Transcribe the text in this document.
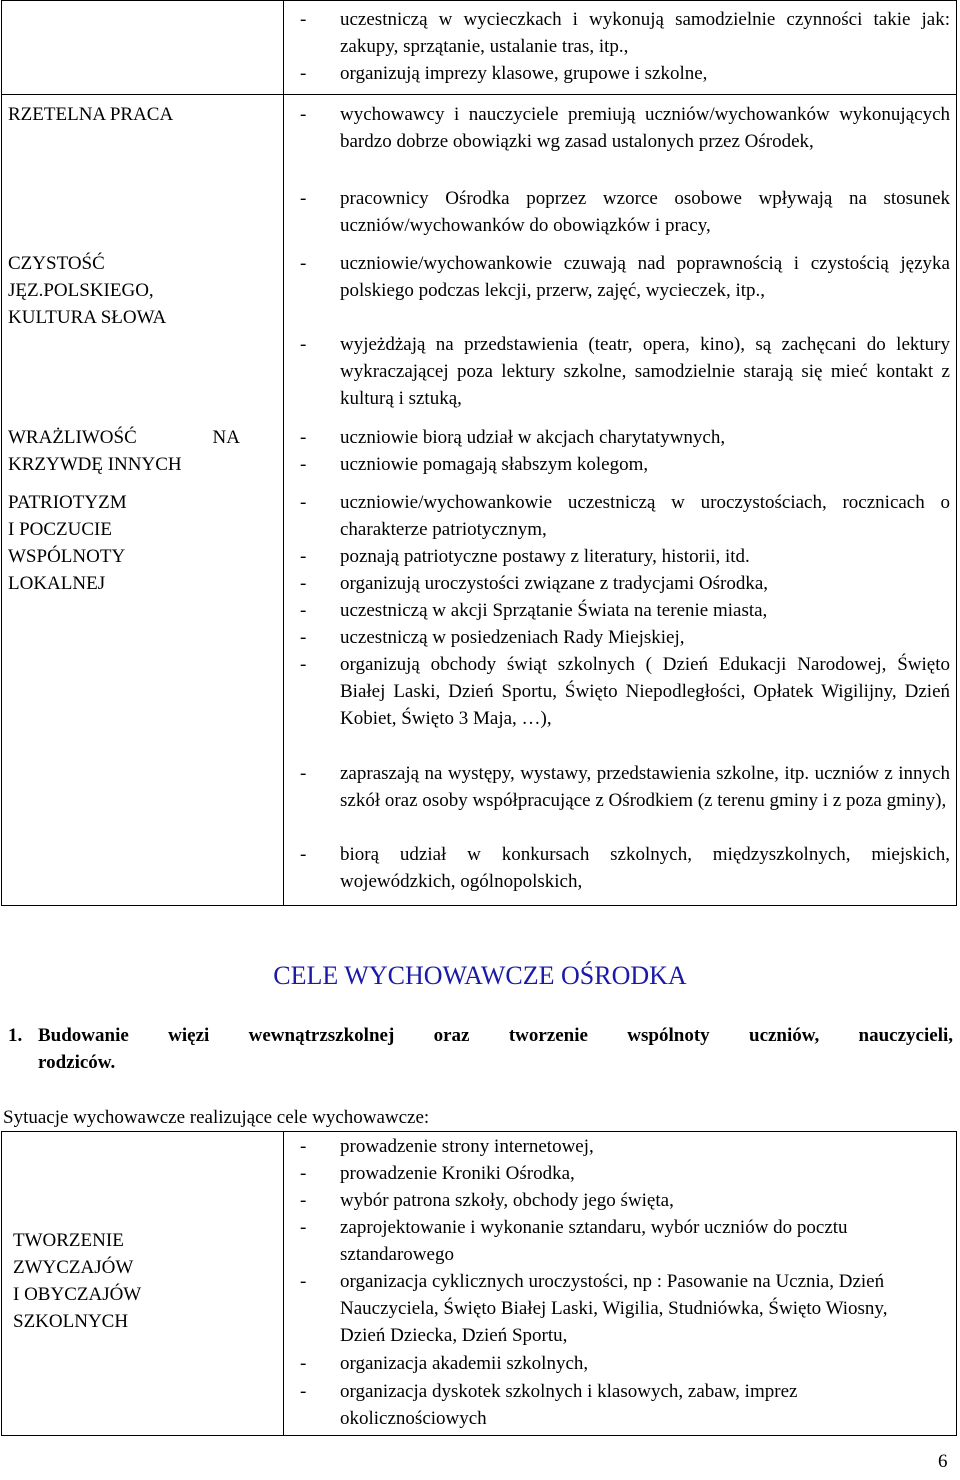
- uczestniczą w wycieczkach i wykonują samodzielnie czynności takie jak: zakupy, sprzątanie, ustalanie tras, itp.,
- organizują imprezy klasowe, grupowe i szkolne,
RZETELNA PRACA	- wychowawcy i nauczyciele premiują uczniów/wychowanków wykonujących bardzo dobrze obowiązki wg zasad ustalonych przez Ośrodek,
- pracownicy Ośrodka poprzez wzorce osobowe wpływają na stosunek uczniów/wychowanków do obowiązków i pracy,
CZYSTOŚĆ
JĘZ.POLSKIEGO,
KULTURA SŁOWA
- uczniowie/wychowankowie czuwają nad poprawnością i czystością języka polskiego podczas lekcji, przerw, zajęć, wycieczek, itp.,
- wyjeżdżają na przedstawienia (teatr, opera, kino), są zachęcani do lektury wykraczającej poza lektury szkolne, samodzielnie starają się mieć kontakt z kulturą i sztuką,
WRAŻLIWOŚĆ	NA
KRZYWDĘ INNYCH
- uczniowie biorą udział w akcjach charytatywnych,
- uczniowie pomagają słabszym kolegom,
PATRIOTYZM
I POCZUCIE
WSPÓLNOTY
LOKALNEJ
- uczniowie/wychowankowie uczestniczą w uroczystościach, rocznicach o charakterze patriotycznym,
- poznają patriotyczne postawy z literatury, historii, itd.
- organizują uroczystości związane z tradycjami Ośrodka,
- uczestniczą w akcji Sprzątanie Świata na terenie miasta,
- uczestniczą w posiedzeniach Rady Miejskiej,
- organizują obchody świąt szkolnych ( Dzień Edukacji Narodowej, Święto Białej Laski, Dzień Sportu, Święto Niepodległości, Opłatek Wigilijny, Dzień Kobiet, Święto 3 Maja, …),
- zapraszają na występy, wystawy, przedstawienia szkolne, itp. uczniów z innych szkół oraz osoby współpracujące z Ośrodkiem (z terenu gminy i z poza gminy),
- biorą udział w konkursach szkolnych, międzyszkolnych, miejskich, wojewódzkich, ogólnopolskich,
CELE WYCHOWAWCZE OŚRODKA
1. Budowanie więzi wewnątrzszkolnej oraz tworzenie wspólnoty uczniów, nauczycieli,
rodziców.
Sytuacje wychowawcze realizujące cele wychowawcze:
TWORZENIE
ZWYCZAJÓW
I OBYCZAJÓW
SZKOLNYCH
- prowadzenie strony internetowej,
- prowadzenie Kroniki Ośrodka,
- wybór patrona szkoły, obchody jego święta,
- zaprojektowanie i wykonanie sztandaru, wybór uczniów do pocztu sztandarowego
- organizacja cyklicznych uroczystości, np : Pasowanie na Ucznia, Dzień Nauczyciela, Święto Białej Laski, Wigilia, Studniówka, Święto Wiosny, Dzień Dziecka, Dzień Sportu,
- organizacja akademii szkolnych,
- organizacja dyskotek szkolnych i klasowych, zabaw, imprez okolicznościowych
6
